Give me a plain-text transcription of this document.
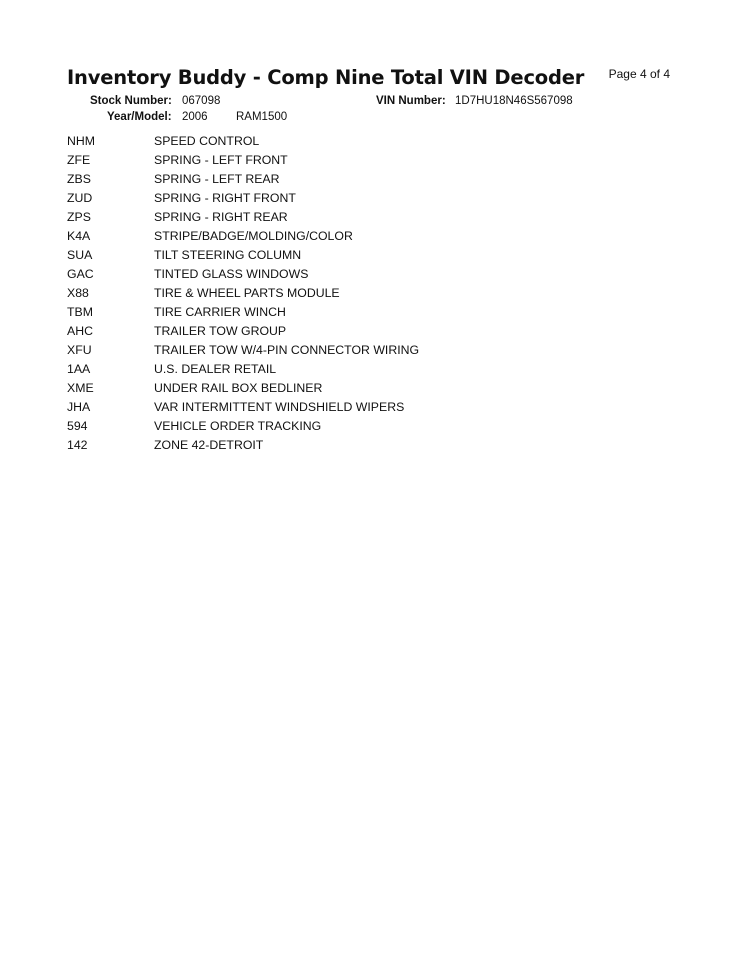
Inventory Buddy - Comp Nine Total VIN Decoder Page 4 of 4
Stock Number: 067098
Year/Model: 2006 RAM1500
VIN Number: 1D7HU18N46S567098
NHM	SPEED CONTROL
ZFE	SPRING - LEFT FRONT
ZBS	SPRING - LEFT REAR
ZUD	SPRING - RIGHT FRONT
ZPS	SPRING - RIGHT REAR
K4A	STRIPE/BADGE/MOLDING/COLOR
SUA	TILT STEERING COLUMN
GAC	TINTED GLASS WINDOWS
X88	TIRE & WHEEL PARTS MODULE
TBM	TIRE CARRIER WINCH
AHC	TRAILER TOW GROUP
XFU	TRAILER TOW W/4-PIN CONNECTOR WIRING
1AA	U.S. DEALER RETAIL
XME	UNDER RAIL BOX BEDLINER
JHA	VAR INTERMITTENT WINDSHIELD WIPERS
594	VEHICLE ORDER TRACKING
142	ZONE 42-DETROIT
